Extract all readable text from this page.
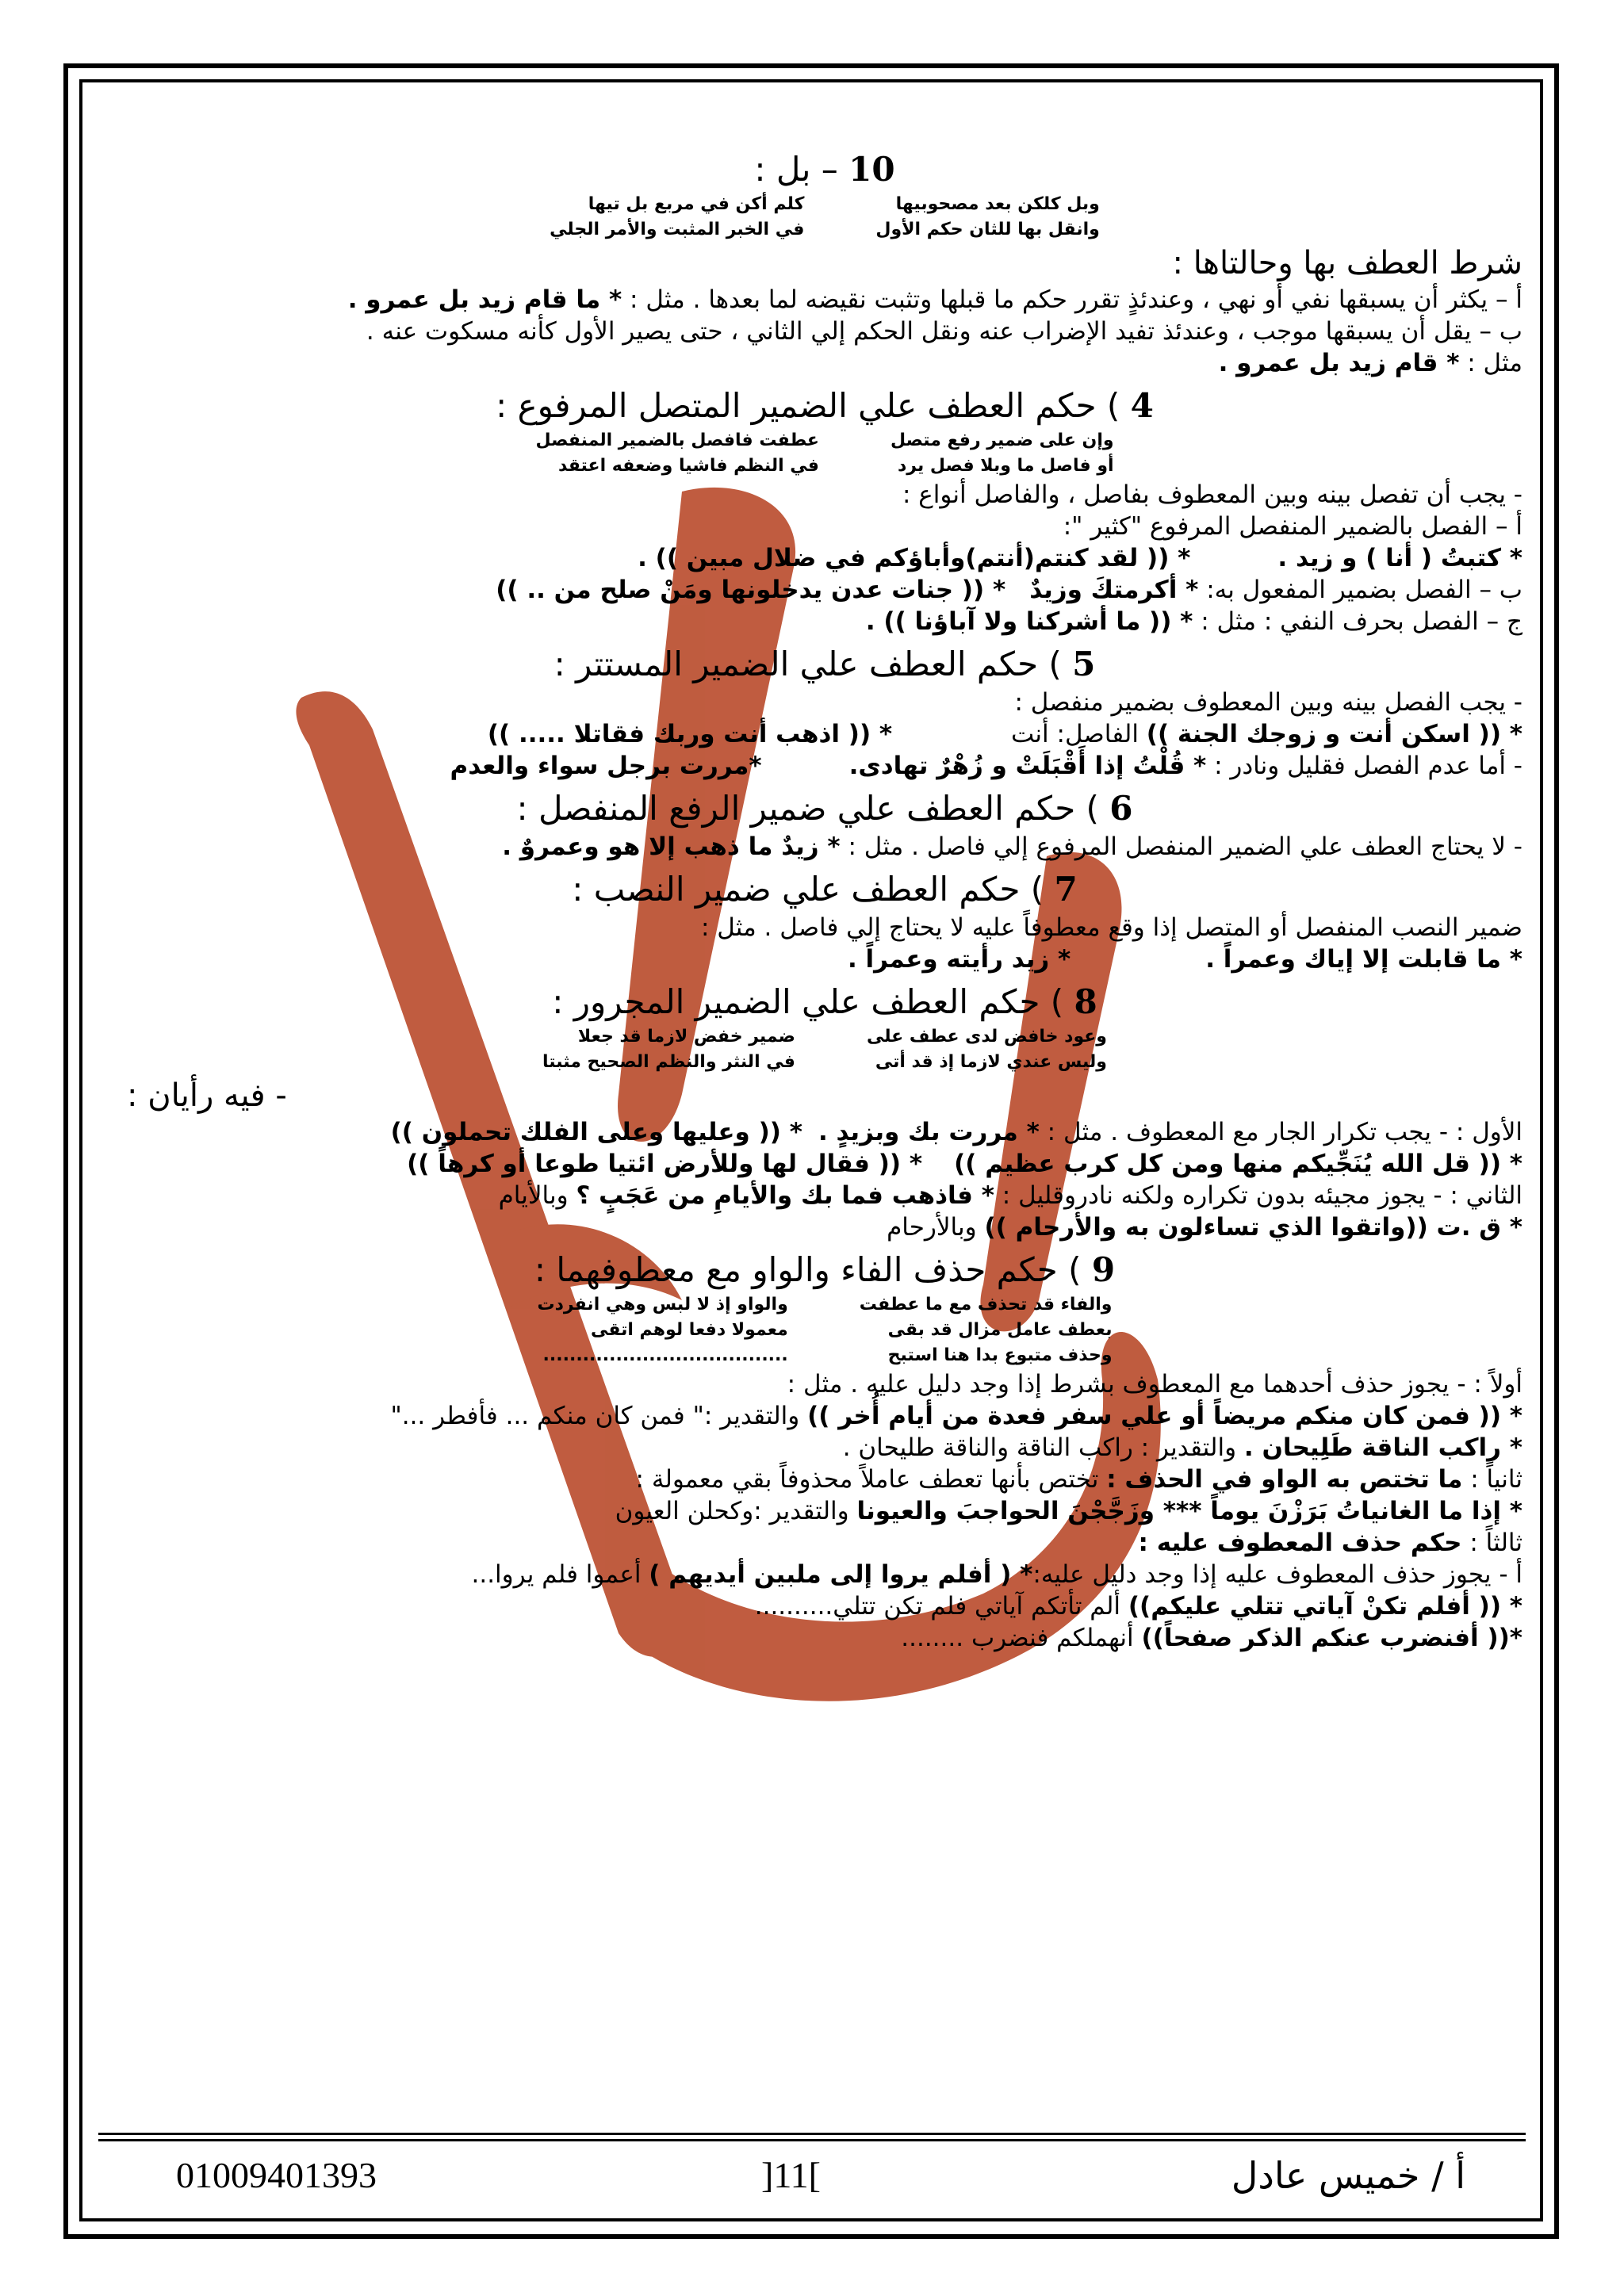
10 – بل :
وبل كلكن بعد مصحوبيها
وانقل بها للثان حكم الأول
كلم أكن في مربع بل تيها
في الخبر المثبت والأمر الجلي
شرط العطف بها وحالتاها :
أ – يكثر أن يسبقها نفي أو نهي ، وعندئذٍ تقرر حكم ما قبلها وتثبت نقيضه لما بعدها . مثل : * ما قام زيد بل عمرو .
ب – يقل أن يسبقها موجب ، وعندئذ تفيد الإضراب عنه ونقل الحكم إلي الثاني ، حتى يصير الأول كأنه مسكوت عنه .
مثل : * قام زيد بل عمرو .
4 ) حكم العطف علي الضمير المتصل المرفوع :
وإن على ضمير رفع متصل
أو فاصل ما وبلا فصل يرد
عطفت فافصل بالضمير المنفصل
في النظم فاشيا وضعفه اعتقد
- يجب أن تفصل بينه وبين المعطوف بفاصل ، والفاصل أنواع :
أ – الفصل بالضمير المنفصل المرفوع "كثير ":
* كتبتُ ( أنا ) و زيد .* (( لقد كنتم(أنتم)وأباؤكم في ضلال مبين )) .
ب – الفصل بضمير المفعول به: * أكرمتكَ وزيدٌ* (( جنات عدن يدخلونها ومَنْ صلح من .. ))
ج – الفصل بحرف النفي : مثل : * (( ما أشركنا ولا آباؤنا )) .
5 ) حكم العطف علي الضمير المستتر :
- يجب الفصل بينه وبين المعطوف بضمير منفصل :
* (( اسكن أنت و زوجك الجنة )) الفاصل: أنت * (( اذهب أنت وربك فقاتلا ..... ))
- أما عدم الفصل فقليل ونادر : * قُلْتُ إذا أَقْبَلَتْ و زُهْرٌ تهادى.*مررت برجل سواء والعدم
6 ) حكم العطف علي ضمير الرفع المنفصل :
- لا يحتاج العطف علي الضمير المنفصل المرفوع إلي فاصل . مثل : * زيدٌ ما ذهب إلا هو وعمروٌ .
7 ) حكم العطف علي ضمير النصب :
ضمير النصب المنفصل أو المتصل إذا وقع معطوفاً عليه لا يحتاج إلي فاصل . مثل :
* ما قابلت إلا إياك وعمراً .* زيد رأيته وعمراً .
8 ) حكم العطف علي الضمير المجرور :
وعود خافض لدى عطف على
وليس عندي لازما إذ قد أتى
ضمير خفض لازما قد جعلا
في النثر والنظم الصحيح مثبتا
- فيه رأيان :
الأول : - يجب تكرار الجار مع المعطوف . مثل : * مررت بك وبزيدٍ .* (( وعليها وعلى الفلك تحملون ))
* (( قل الله يُنَجِّيكم منها ومن كل كرب عظيم ))* (( فقال لها وللأرض ائتيا طوعا أو كرهاً ))
الثاني : - يجوز مجيئه بدون تكراره ولكنه نادروقليل : * فاذهب فما بك والأيامِ من عَجَبٍ ؟ وبالأيام
* ق .ت ((واتقوا الذي تساءلون به والأرحام )) وبالأرحام
9 ) حكم حذف الفاء والواو مع معطوفهما :
والفاء قد تحذف مع ما عطفت
بعطف عامل مزال قد بقى
وحذف متبوع بدا هنا استبح
والواو إذ لا لبس وهي انفردت
معمولا دفعا لوهم اتقى
.....................................
أولاً : - يجوز حذف أحدهما مع المعطوف بشرط إذا وجد دليل عليه . مثل :
* (( فمن كان منكم مريضاً أو علي سفر فعدة من أيام أُخر )) والتقدير :" فمن كان منكم ... فأفطر ..."
* راكب الناقة طَلِيحان . والتقدير : راكب الناقة والناقة طليحان .
ثانياً : ما تختص به الواو في الحذف : تختص بأنها تعطف عاملاً محذوفاً بقي معمولة :
* إذا ما الغانياتُ بَرَزْنَ يوماً *** وزَجَّجْنَ الحواجبَ والعيونا والتقدير :وكحلن العيون
ثالثاً : حكم حذف المعطوف عليه :
أ - يجوز حذف المعطوف عليه إذا وجد دليل عليه:* ( أفلم يروا إلى ملبين أيديهم ) أعموا فلم يروا...
* (( أفلم تكنْ آياتي تتلي عليكم)) ألم تأتكم آياتي فلم تكن تتلي..........
*(( أفنضرب عنكم الذكر صفحاً)) أنهملكم فنضرب ........
أ / خميس عادل
]11[
01009401393
